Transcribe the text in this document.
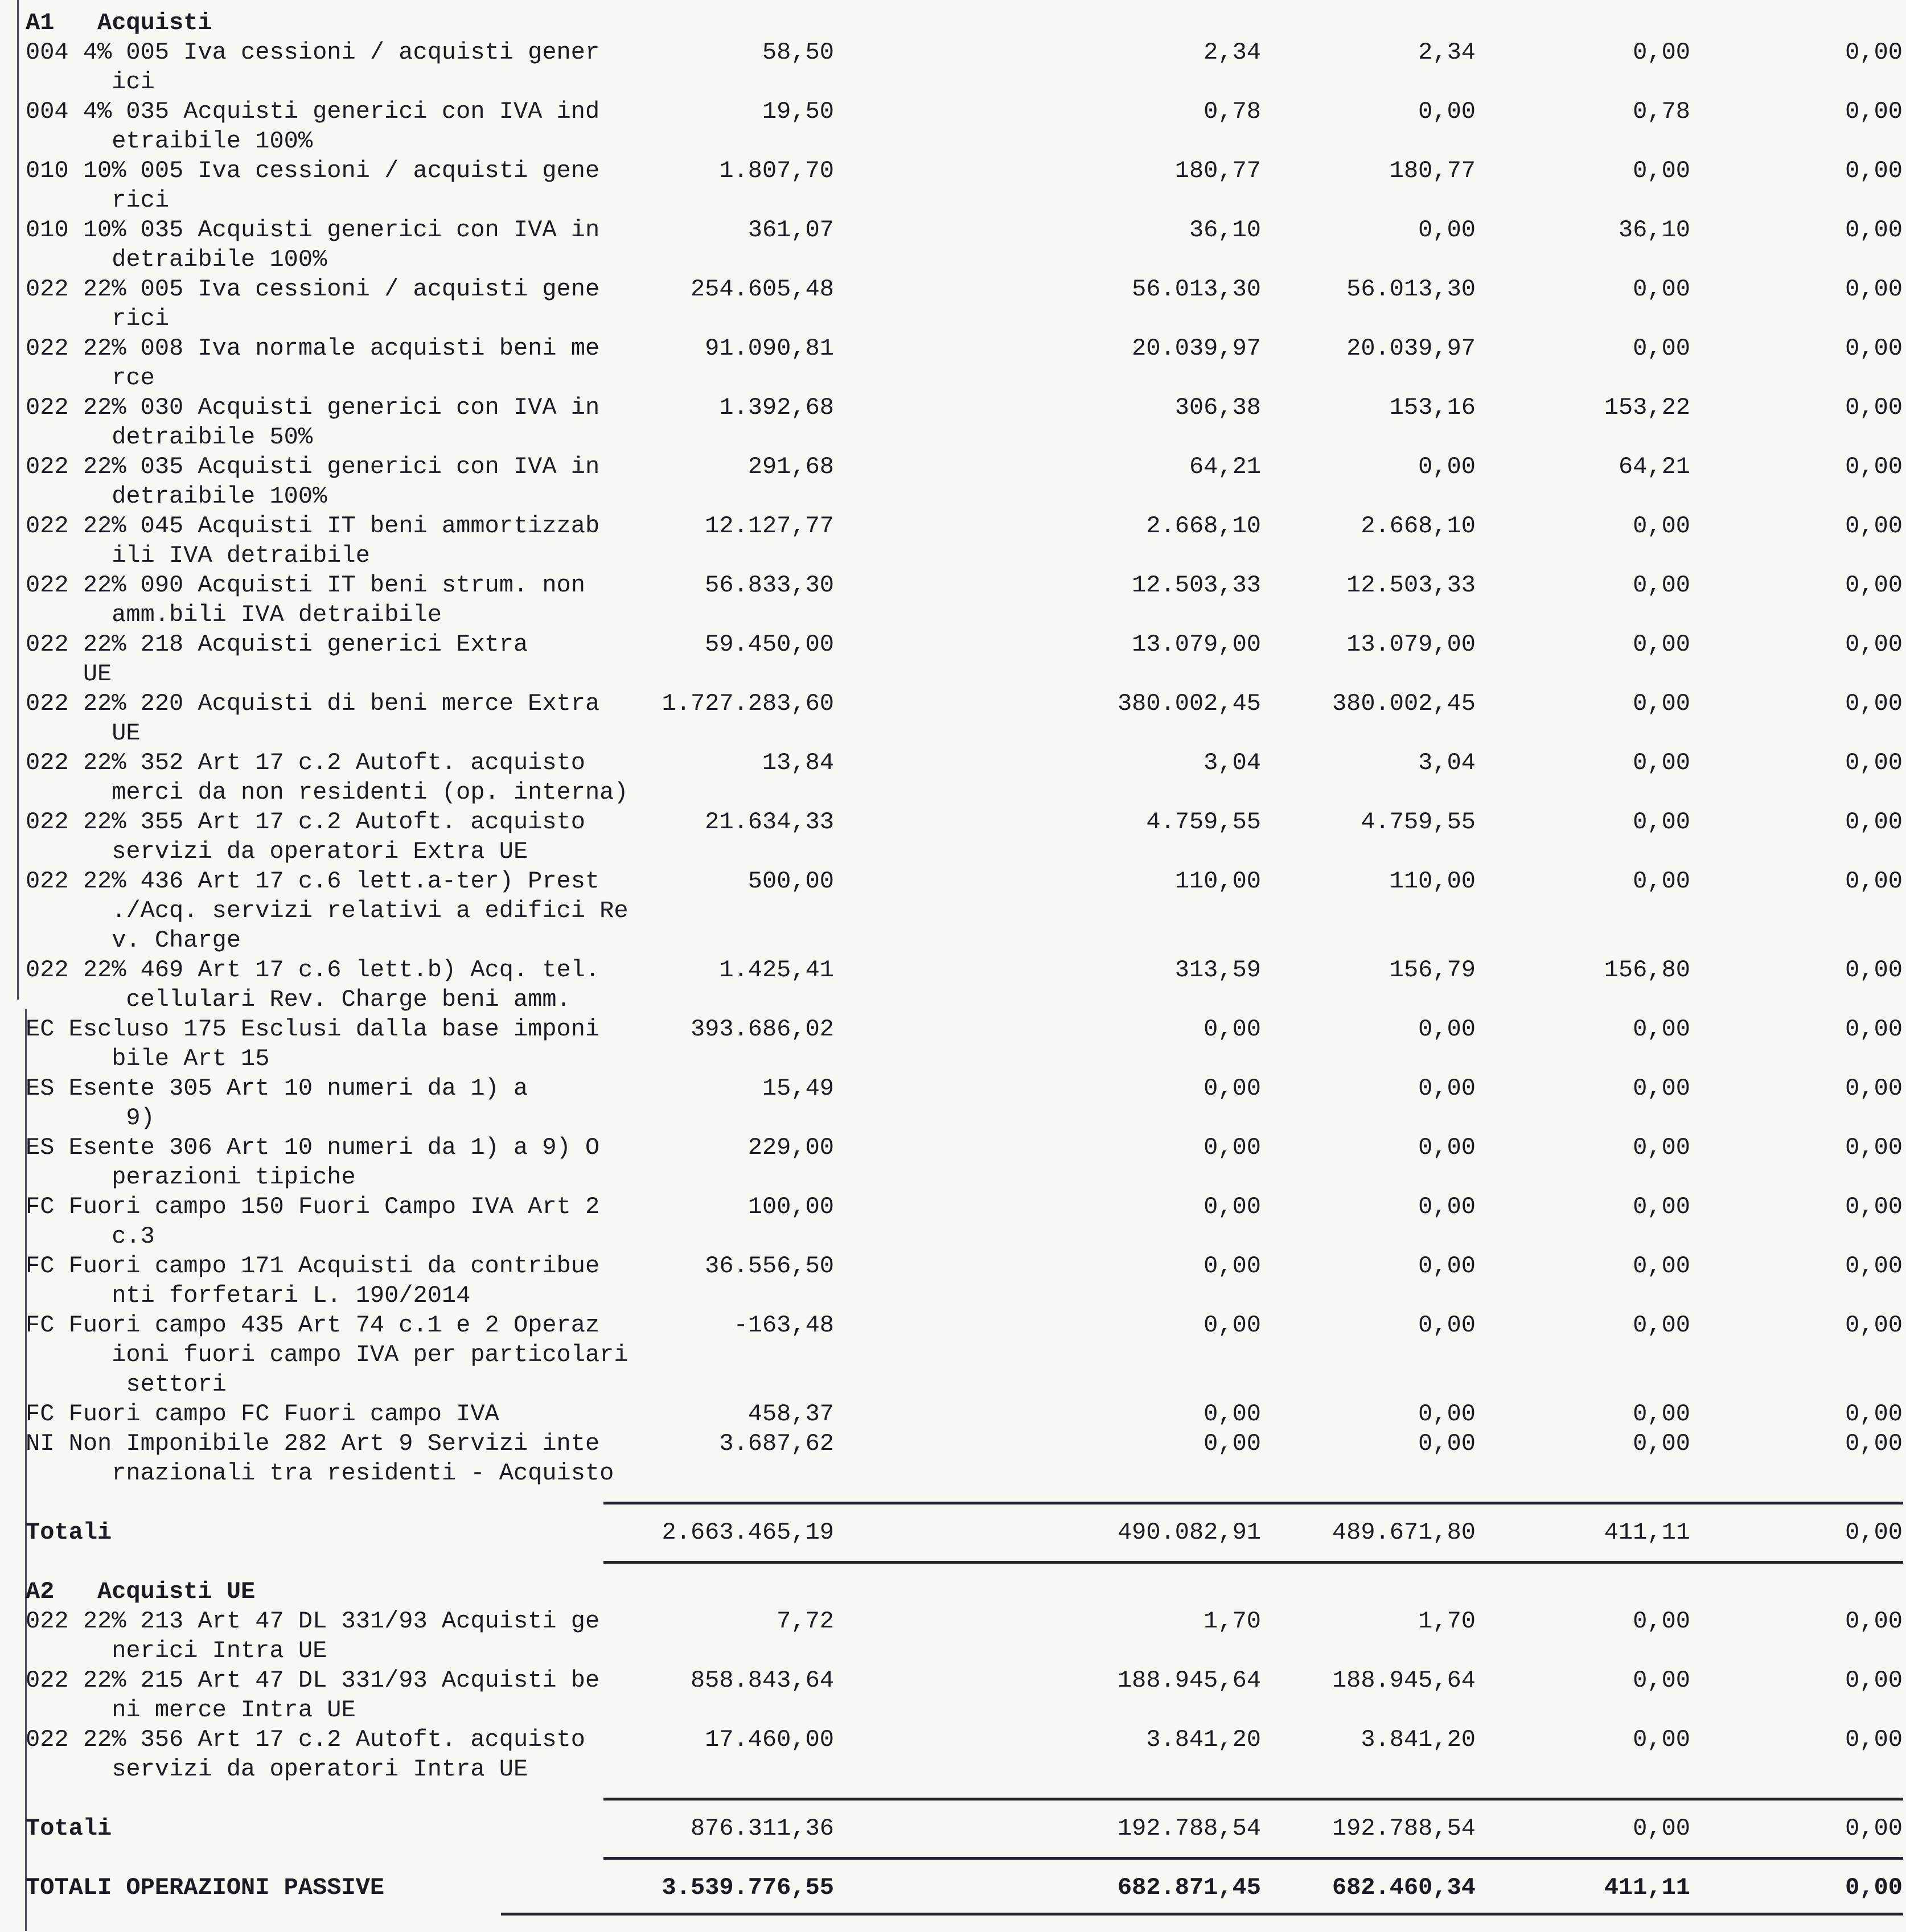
A1   Acquisti
004 4% 005 Iva cessioni / acquisti gener	58,50	2,34	2,34	0,00	0,00
ici
004 4% 035 Acquisti generici con IVA ind	19,50	0,78	0,00	0,78	0,00
etraibile 100%
010 10% 005 Iva cessioni / acquisti gene	1.807,70	180,77	180,77	0,00	0,00
rici
010 10% 035 Acquisti generici con IVA in	361,07	36,10	0,00	36,10	0,00
detraibile 100%
022 22% 005 Iva cessioni / acquisti gene	254.605,48	56.013,30	56.013,30	0,00	0,00
rici
022 22% 008 Iva normale acquisti beni me	91.090,81	20.039,97	20.039,97	0,00	0,00
rce
022 22% 030 Acquisti generici con IVA in	1.392,68	306,38	153,16	153,22	0,00
detraibile 50%
022 22% 035 Acquisti generici con IVA in	291,68	64,21	0,00	64,21	0,00
detraibile 100%
022 22% 045 Acquisti IT beni ammortizzab	12.127,77	2.668,10	2.668,10	0,00	0,00
ili IVA detraibile
022 22% 090 Acquisti IT beni strum. non	56.833,30	12.503,33	12.503,33	0,00	0,00
amm.bili IVA detraibile
022 22% 218 Acquisti generici Extra	59.450,00	13.079,00	13.079,00	0,00	0,00
UE
022 22% 220 Acquisti di beni merce Extra	1.727.283,60	380.002,45	380.002,45	0,00	0,00
UE
022 22% 352 Art 17 c.2 Autoft. acquisto	13,84	3,04	3,04	0,00	0,00
merci da non residenti (op. interna)
022 22% 355 Art 17 c.2 Autoft. acquisto	21.634,33	4.759,55	4.759,55	0,00	0,00
servizi da operatori Extra UE
022 22% 436 Art 17 c.6 lett.a-ter) Prest	500,00	110,00	110,00	0,00	0,00
./Acq. servizi relativi a edifici Re
v. Charge
022 22% 469 Art 17 c.6 lett.b) Acq. tel.	1.425,41	313,59	156,79	156,80	0,00
cellulari Rev. Charge beni amm.
EC Escluso 175 Esclusi dalla base imponi	393.686,02	0,00	0,00	0,00	0,00
bile Art 15
ES Esente 305 Art 10 numeri da 1) a	15,49	0,00	0,00	0,00	0,00
9)
ES Esente 306 Art 10 numeri da 1) a 9) O	229,00	0,00	0,00	0,00	0,00
perazioni tipiche
FC Fuori campo 150 Fuori Campo IVA Art 2	100,00	0,00	0,00	0,00	0,00
c.3
FC Fuori campo 171 Acquisti da contribue	36.556,50	0,00	0,00	0,00	0,00
nti forfetari L. 190/2014
FC Fuori campo 435 Art 74 c.1 e 2 Operaz	-163,48	0,00	0,00	0,00	0,00
ioni fuori campo IVA per particolari
settori
FC Fuori campo FC Fuori campo IVA	458,37	0,00	0,00	0,00	0,00
NI Non Imponibile 282 Art 9 Servizi inte	3.687,62	0,00	0,00	0,00	0,00
rnazionali tra residenti - Acquisto
Totali	2.663.465,19	490.082,91	489.671,80	411,11	0,00
A2   Acquisti UE
022 22% 213 Art 47 DL 331/93 Acquisti ge	7,72	1,70	1,70	0,00	0,00
nerici Intra UE
022 22% 215 Art 47 DL 331/93 Acquisti be	858.843,64	188.945,64	188.945,64	0,00	0,00
ni merce Intra UE
022 22% 356 Art 17 c.2 Autoft. acquisto	17.460,00	3.841,20	3.841,20	0,00	0,00
servizi da operatori Intra UE
Totali	876.311,36	192.788,54	192.788,54	0,00	0,00
TOTALI OPERAZIONI PASSIVE	3.539.776,55	682.871,45	682.460,34	411,11	0,00
